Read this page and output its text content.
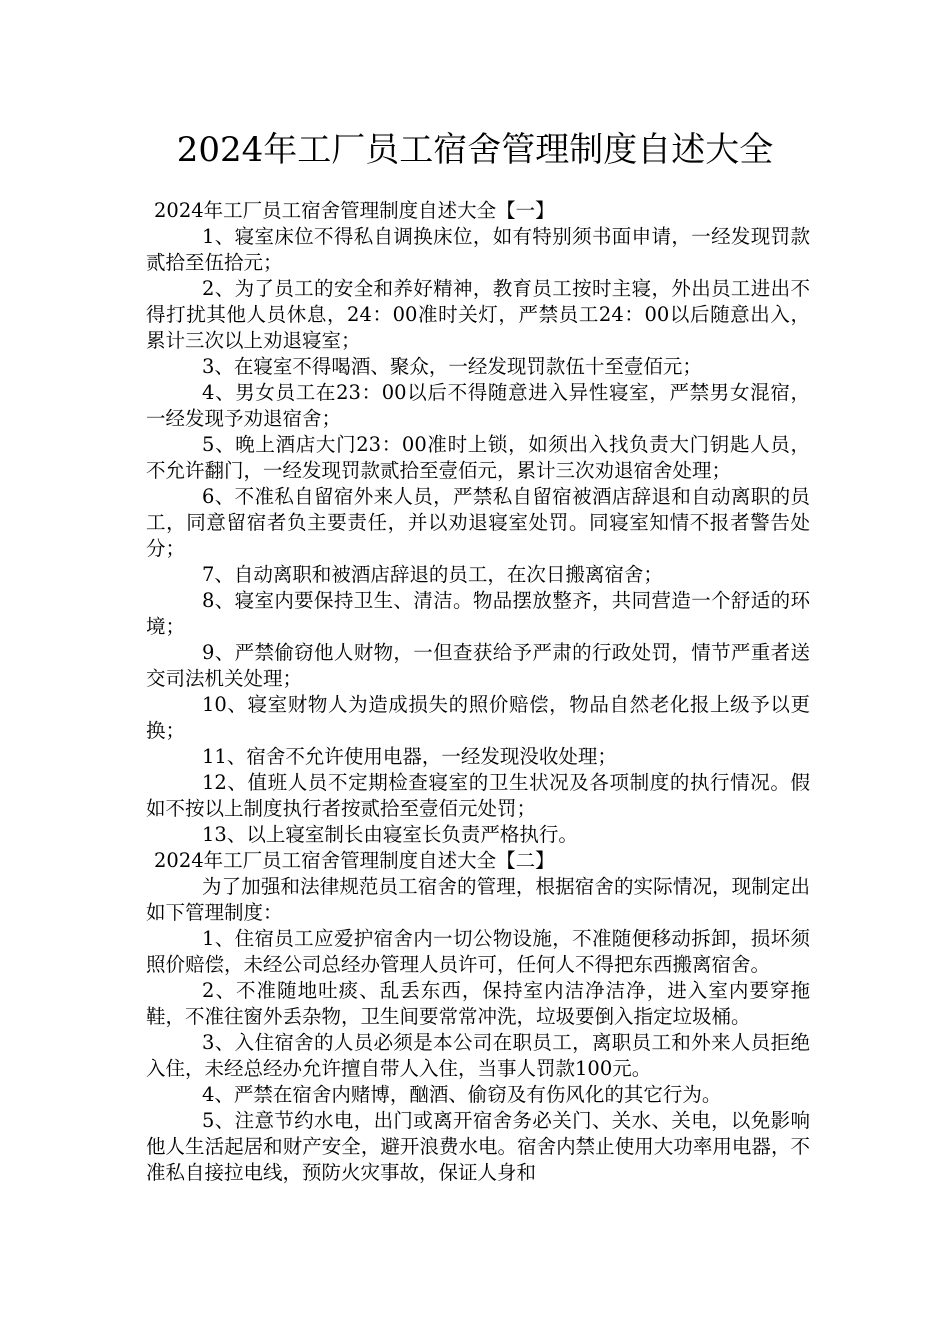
2024年工厂员工宿舍管理制度自述大全

2024年工厂员工宿舍管理制度自述大全【一】

1、寝室床位不得私自调换床位，如有特别须书面申请，一经发现罚款贰拾至伍拾元；

2、为了员工的安全和养好精神，教育员工按时主寝，外出员工进出不得打扰其他人员休息，24：00准时关灯，严禁员工24：00以后随意出入，累计三次以上劝退寝室；

3、在寝室不得喝酒、聚众，一经发现罚款伍十至壹佰元；

4、男女员工在23：00以后不得随意进入异性寝室，严禁男女混宿，一经发现予劝退宿舍；

5、晚上酒店大门23：00准时上锁，如须出入找负责大门钥匙人员，不允许翻门，一经发现罚款贰拾至壹佰元，累计三次劝退宿舍处理；

6、不准私自留宿外来人员，严禁私自留宿被酒店辞退和自动离职的员工，同意留宿者负主要责任，并以劝退寝室处罚。同寝室知情不报者警告处分；

7、自动离职和被酒店辞退的员工，在次日搬离宿舍；

8、寝室内要保持卫生、清洁。物品摆放整齐，共同营造一个舒适的环境；

9、严禁偷窃他人财物，一但查获给予严肃的行政处罚，情节严重者送交司法机关处理；

10、寝室财物人为造成损失的照价赔偿，物品自然老化报上级予以更换；

11、宿舍不允许使用电器，一经发现没收处理；

12、值班人员不定期检查寝室的卫生状况及各项制度的执行情况。假如不按以上制度执行者按贰拾至壹佰元处罚；

13、以上寝室制长由寝室长负责严格执行。

2024年工厂员工宿舍管理制度自述大全【二】

为了加强和法律规范员工宿舍的管理，根据宿舍的实际情况，现制定出如下管理制度：

1、住宿员工应爱护宿舍内一切公物设施，不准随便移动拆卸，损坏须照价赔偿，未经公司总经办管理人员许可，任何人不得把东西搬离宿舍。

2、不准随地吐痰、乱丢东西，保持室内洁净洁净，进入室内要穿拖鞋，不准往窗外丢杂物，卫生间要常常冲洗，垃圾要倒入指定垃圾桶。

3、入住宿舍的人员必须是本公司在职员工，离职员工和外来人员拒绝入住，未经总经办允许擅自带人入住，当事人罚款100元。

4、严禁在宿舍内赌博，酗酒、偷窃及有伤风化的其它行为。

5、注意节约水电，出门或离开宿舍务必关门、关水、关电，以免影响他人生活起居和财产安全，避开浪费水电。宿舍内禁止使用大功率用电器，不准私自接拉电线，预防火灾事故，保证人身和
